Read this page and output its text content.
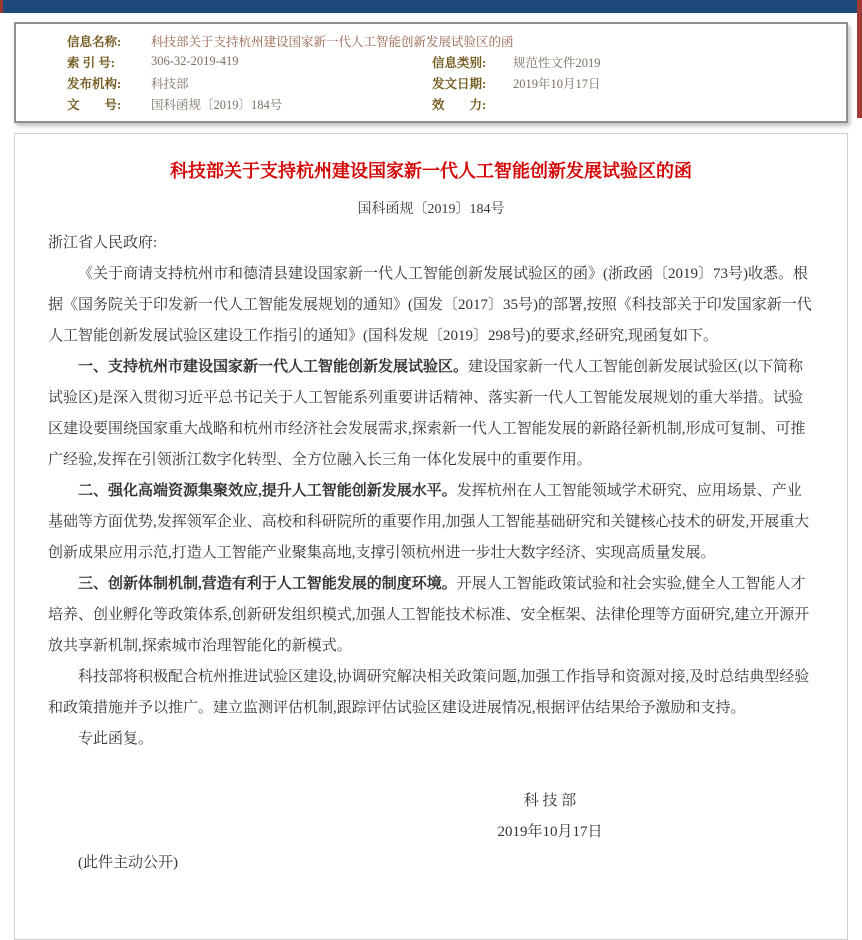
信息名称:	科技部关于支持杭州建设国家新一代人工智能创新发展试验区的函
索 引 号:	306-32-2019-419	信息类别:	规范性文件2019
发布机构:	科技部	发文日期:	2019年10月17日
文　　号:	国科函规〔2019〕184号	效　　力:
科技部关于支持杭州建设国家新一代人工智能创新发展试验区的函
国科函规〔2019〕184号

浙江省人民政府:

《关于商请支持杭州市和德清县建设国家新一代人工智能创新发展试验区的函》(浙政函〔2019〕73号)收悉。根据《国务院关于印发新一代人工智能发展规划的通知》(国发〔2017〕35号)的部署,按照《科技部关于印发国家新一代人工智能创新发展试验区建设工作指引的通知》(国科发规〔2019〕298号)的要求,经研究,现函复如下。

一、支持杭州市建设国家新一代人工智能创新发展试验区。建设国家新一代人工智能创新发展试验区(以下简称试验区)是深入贯彻习近平总书记关于人工智能系列重要讲话精神、落实新一代人工智能发展规划的重大举措。试验区建设要围绕国家重大战略和杭州市经济社会发展需求,探索新一代人工智能发展的新路径新机制,形成可复制、可推广经验,发挥在引领浙江数字化转型、全方位融入长三角一体化发展中的重要作用。

二、强化高端资源集聚效应,提升人工智能创新发展水平。发挥杭州在人工智能领域学术研究、应用场景、产业基础等方面优势,发挥领军企业、高校和科研院所的重要作用,加强人工智能基础研究和关键核心技术的研发,开展重大创新成果应用示范,打造人工智能产业聚集高地,支撑引领杭州进一步壮大数字经济、实现高质量发展。

三、创新体制机制,营造有利于人工智能发展的制度环境。开展人工智能政策试验和社会实验,健全人工智能人才培养、创业孵化等政策体系,创新研发组织模式,加强人工智能技术标准、安全框架、法律伦理等方面研究,建立开源开放共享新机制,探索城市治理智能化的新模式。

科技部将积极配合杭州推进试验区建设,协调研究解决相关政策问题,加强工作指导和资源对接,及时总结典型经验和政策措施并予以推广。建立监测评估机制,跟踪评估试验区建设进展情况,根据评估结果给予激励和支持。

专此函复。

科 技 部
2019年10月17日

(此件主动公开)
